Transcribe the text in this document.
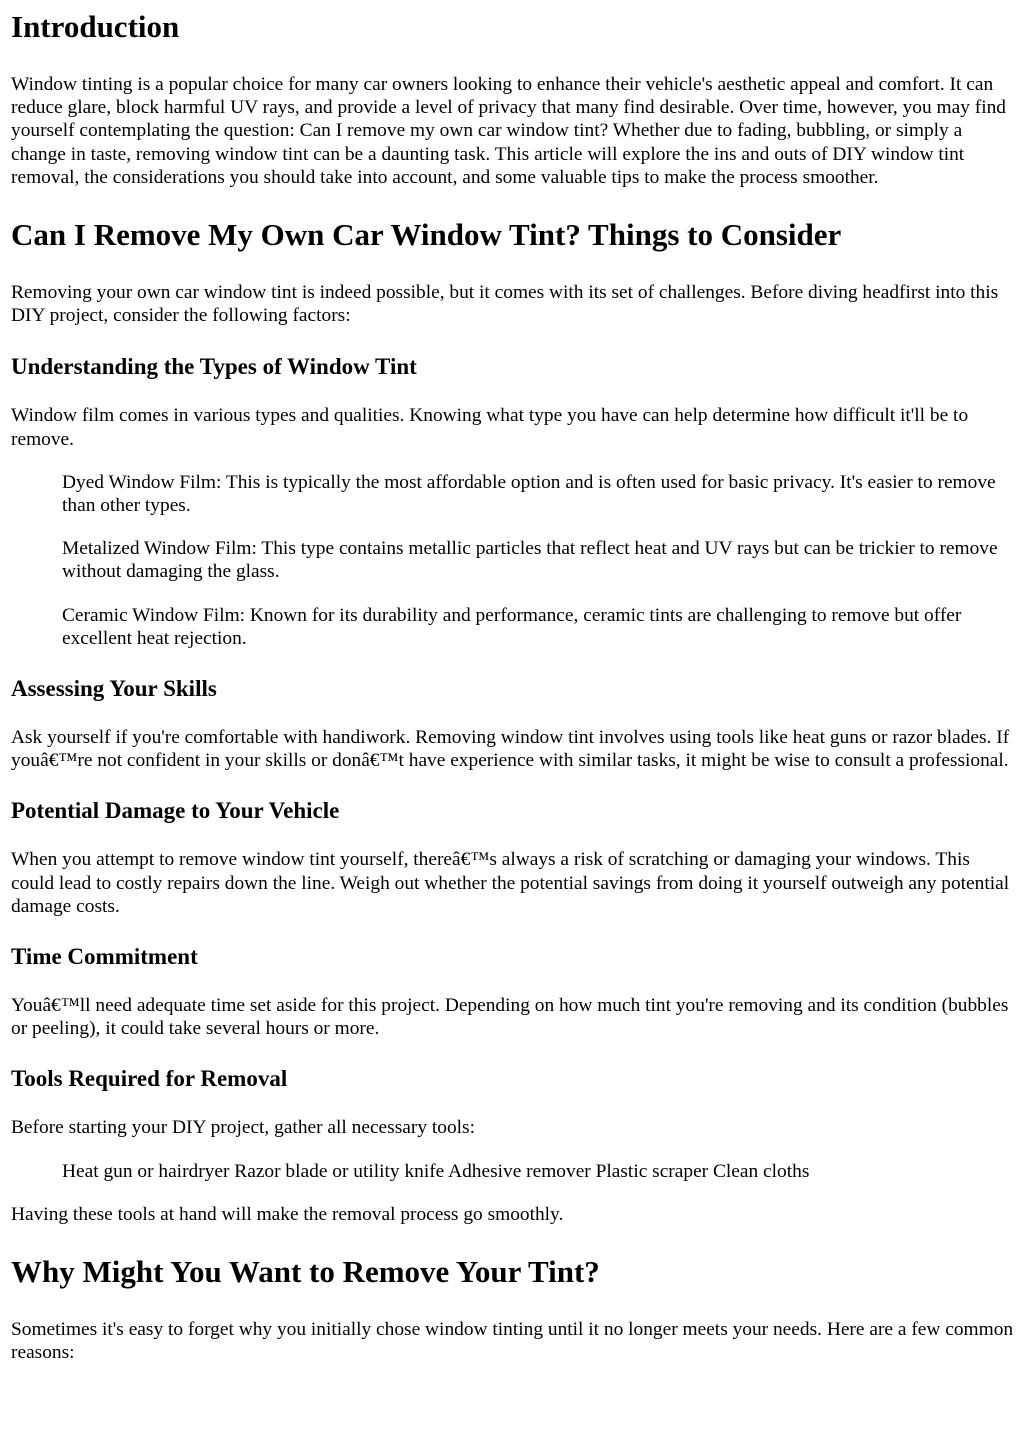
Introduction

Window tinting is a popular choice for many car owners looking to enhance their vehicle's aesthetic appeal and comfort. It can reduce glare, block harmful UV rays, and provide a level of privacy that many find desirable. Over time, however, you may find yourself contemplating the question: Can I remove my own car window tint? Whether due to fading, bubbling, or simply a change in taste, removing window tint can be a daunting task. This article will explore the ins and outs of DIY window tint removal, the considerations you should take into account, and some valuable tips to make the process smoother.

Can I Remove My Own Car Window Tint? Things to Consider

Removing your own car window tint is indeed possible, but it comes with its set of challenges. Before diving headfirst into this DIY project, consider the following factors:

Understanding the Types of Window Tint

Window film comes in various types and qualities. Knowing what type you have can help determine how difficult it'll be to remove.

Dyed Window Film: This is typically the most affordable option and is often used for basic privacy. It's easier to remove than other types.

Metalized Window Film: This type contains metallic particles that reflect heat and UV rays but can be trickier to remove without damaging the glass.

Ceramic Window Film: Known for its durability and performance, ceramic tints are challenging to remove but offer excellent heat rejection.

Assessing Your Skills

Ask yourself if you're comfortable with handiwork. Removing window tint involves using tools like heat guns or razor blades. If youâ€™re not confident in your skills or donâ€™t have experience with similar tasks, it might be wise to consult a professional.

Potential Damage to Your Vehicle

When you attempt to remove window tint yourself, thereâ€™s always a risk of scratching or damaging your windows. This could lead to costly repairs down the line. Weigh out whether the potential savings from doing it yourself outweigh any potential damage costs.

Time Commitment

Youâ€™ll need adequate time set aside for this project. Depending on how much tint you're removing and its condition (bubbles or peeling), it could take several hours or more.

Tools Required for Removal

Before starting your DIY project, gather all necessary tools:

Heat gun or hairdryer Razor blade or utility knife Adhesive remover Plastic scraper Clean cloths

Having these tools at hand will make the removal process go smoothly.

Why Might You Want to Remove Your Tint?

Sometimes it's easy to forget why you initially chose window tinting until it no longer meets your needs. Here are a few common reasons:
